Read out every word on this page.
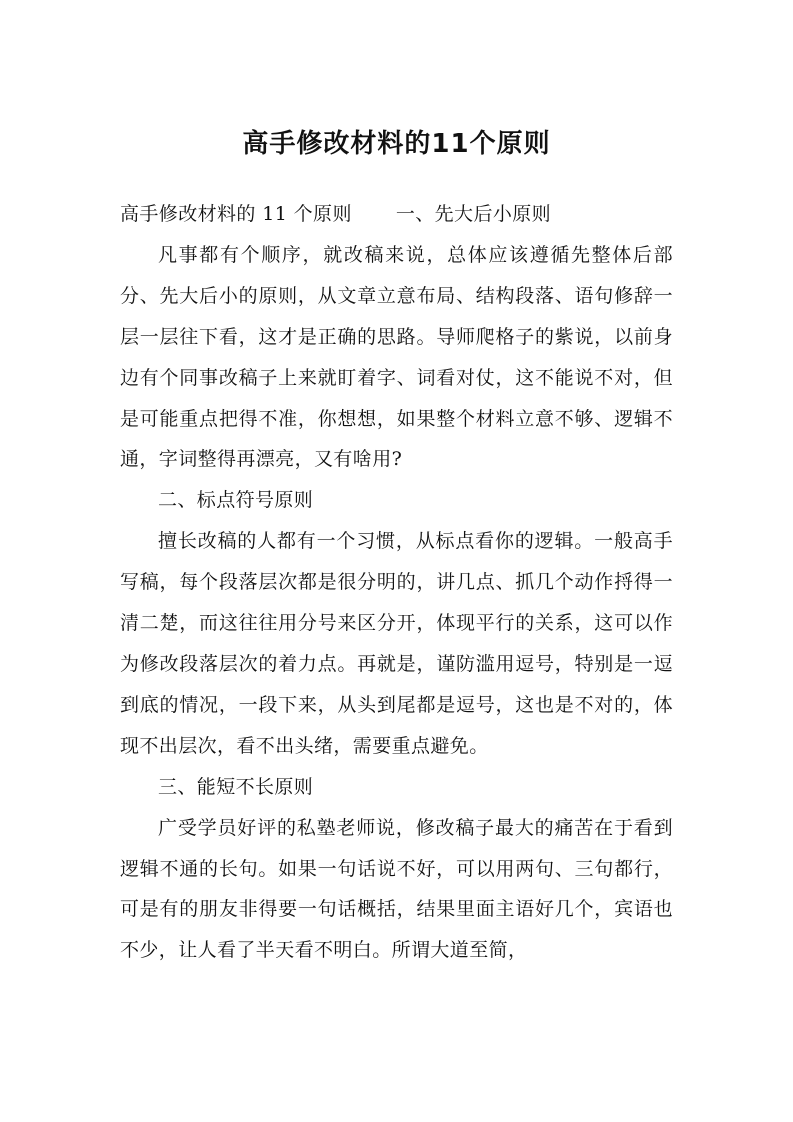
高手修改材料的11个原则

高手修改材料的 11 个原则 一、先大后小原则

凡事都有个顺序，就改稿来说，总体应该遵循先整体后部分、先大后小的原则，从文章立意布局、结构段落、语句修辞一层一层往下看，这才是正确的思路。导师爬格子的紫说，以前身边有个同事改稿子上来就盯着字、词看对仗，这不能说不对，但是可能重点把得不准，你想想，如果整个材料立意不够、逻辑不通，字词整得再漂亮，又有啥用?

二、标点符号原则

擅长改稿的人都有一个习惯，从标点看你的逻辑。一般高手写稿，每个段落层次都是很分明的，讲几点、抓几个动作捋得一清二楚，而这往往用分号来区分开，体现平行的关系，这可以作为修改段落层次的着力点。再就是，谨防滥用逗号，特别是一逗到底的情况，一段下来，从头到尾都是逗号，这也是不对的，体现不出层次，看不出头绪，需要重点避免。

三、能短不长原则

广受学员好评的私塾老师说，修改稿子最大的痛苦在于看到逻辑不通的长句。如果一句话说不好，可以用两句、三句都行，可是有的朋友非得要一句话概括，结果里面主语好几个，宾语也不少，让人看了半天看不明白。所谓大道至简，
